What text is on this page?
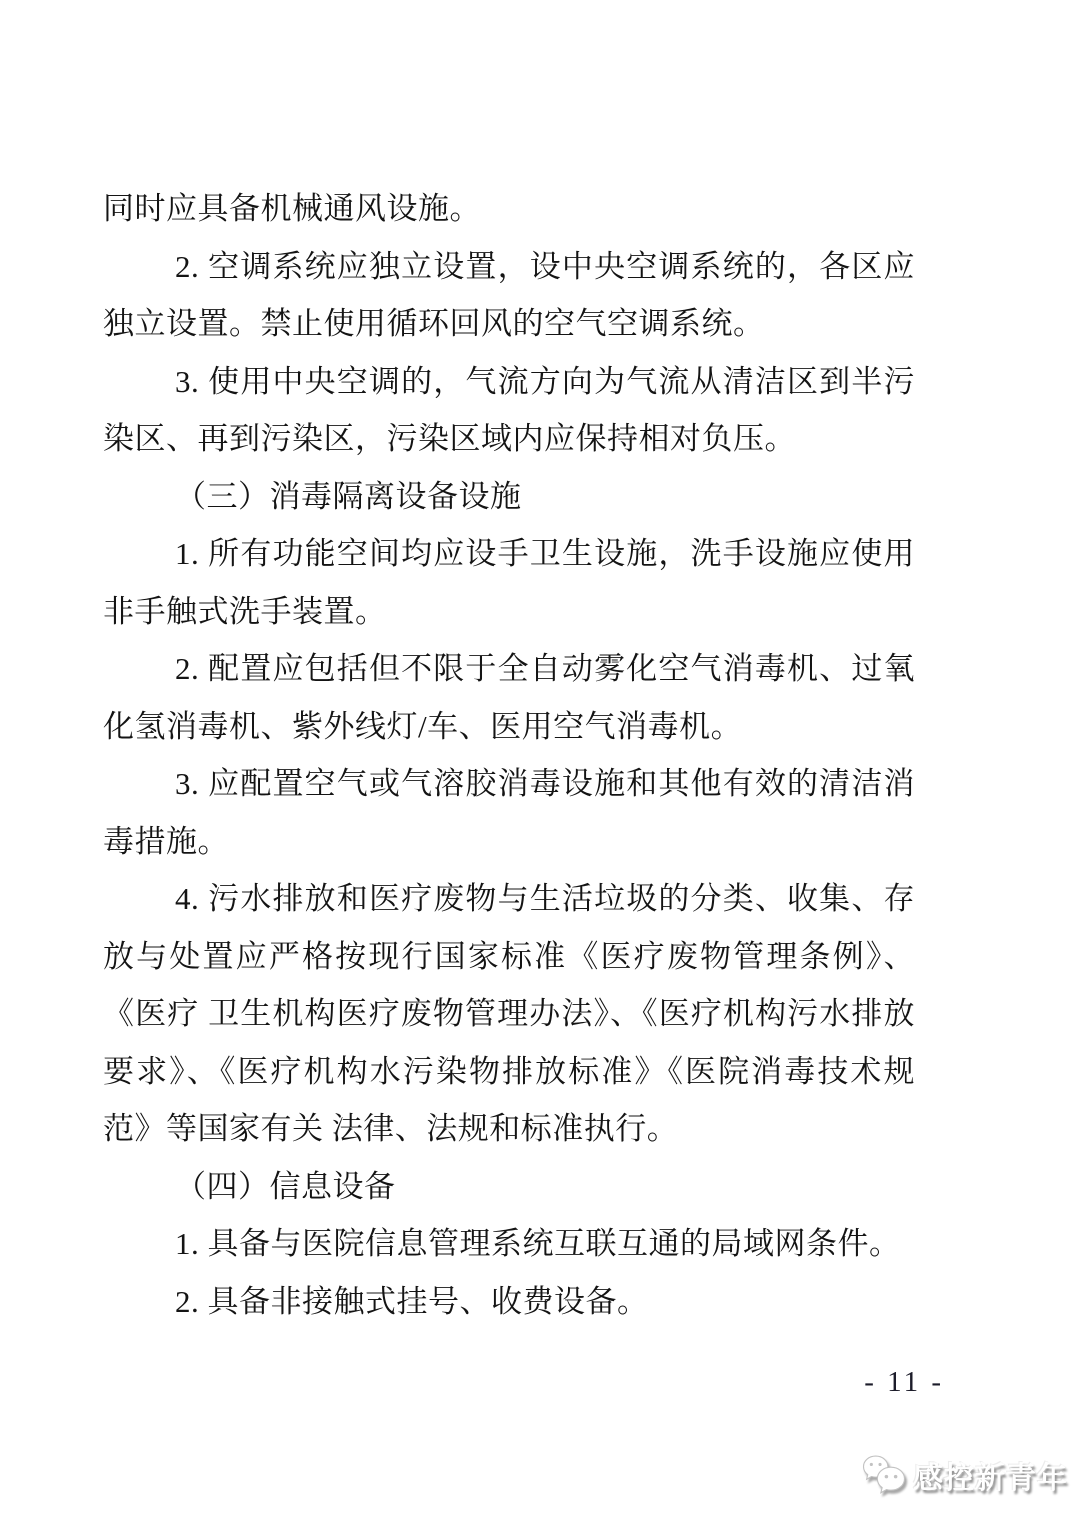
同时应具备机械通风设施。

2. 空调系统应独立设置，设中央空调系统的，各区应独立设置。禁止使用循环回风的空气空调系统。

3. 使用中央空调的，气流方向为气流从清洁区到半污染区、再到污染区，污染区域内应保持相对负压。

（三）消毒隔离设备设施

1. 所有功能空间均应设手卫生设施，洗手设施应使用非手触式洗手装置。

2. 配置应包括但不限于全自动雾化空气消毒机、过氧化氢消毒机、紫外线灯/车、医用空气消毒机。

3. 应配置空气或气溶胶消毒设施和其他有效的清洁消毒措施。

4. 污水排放和医疗废物与生活垃圾的分类、收集、存放与处置应严格按现行国家标准《医疗废物管理条例》、《医疗 卫生机构医疗废物管理办法》、《医疗机构污水排放要求》、《医疗机构水污染物排放标准》《医院消毒技术规范》等国家有关 法律、法规和标准执行。

（四）信息设备

1. 具备与医院信息管理系统互联互通的局域网条件。

2. 具备非接触式挂号、收费设备。

- 11 -
感控新青年
